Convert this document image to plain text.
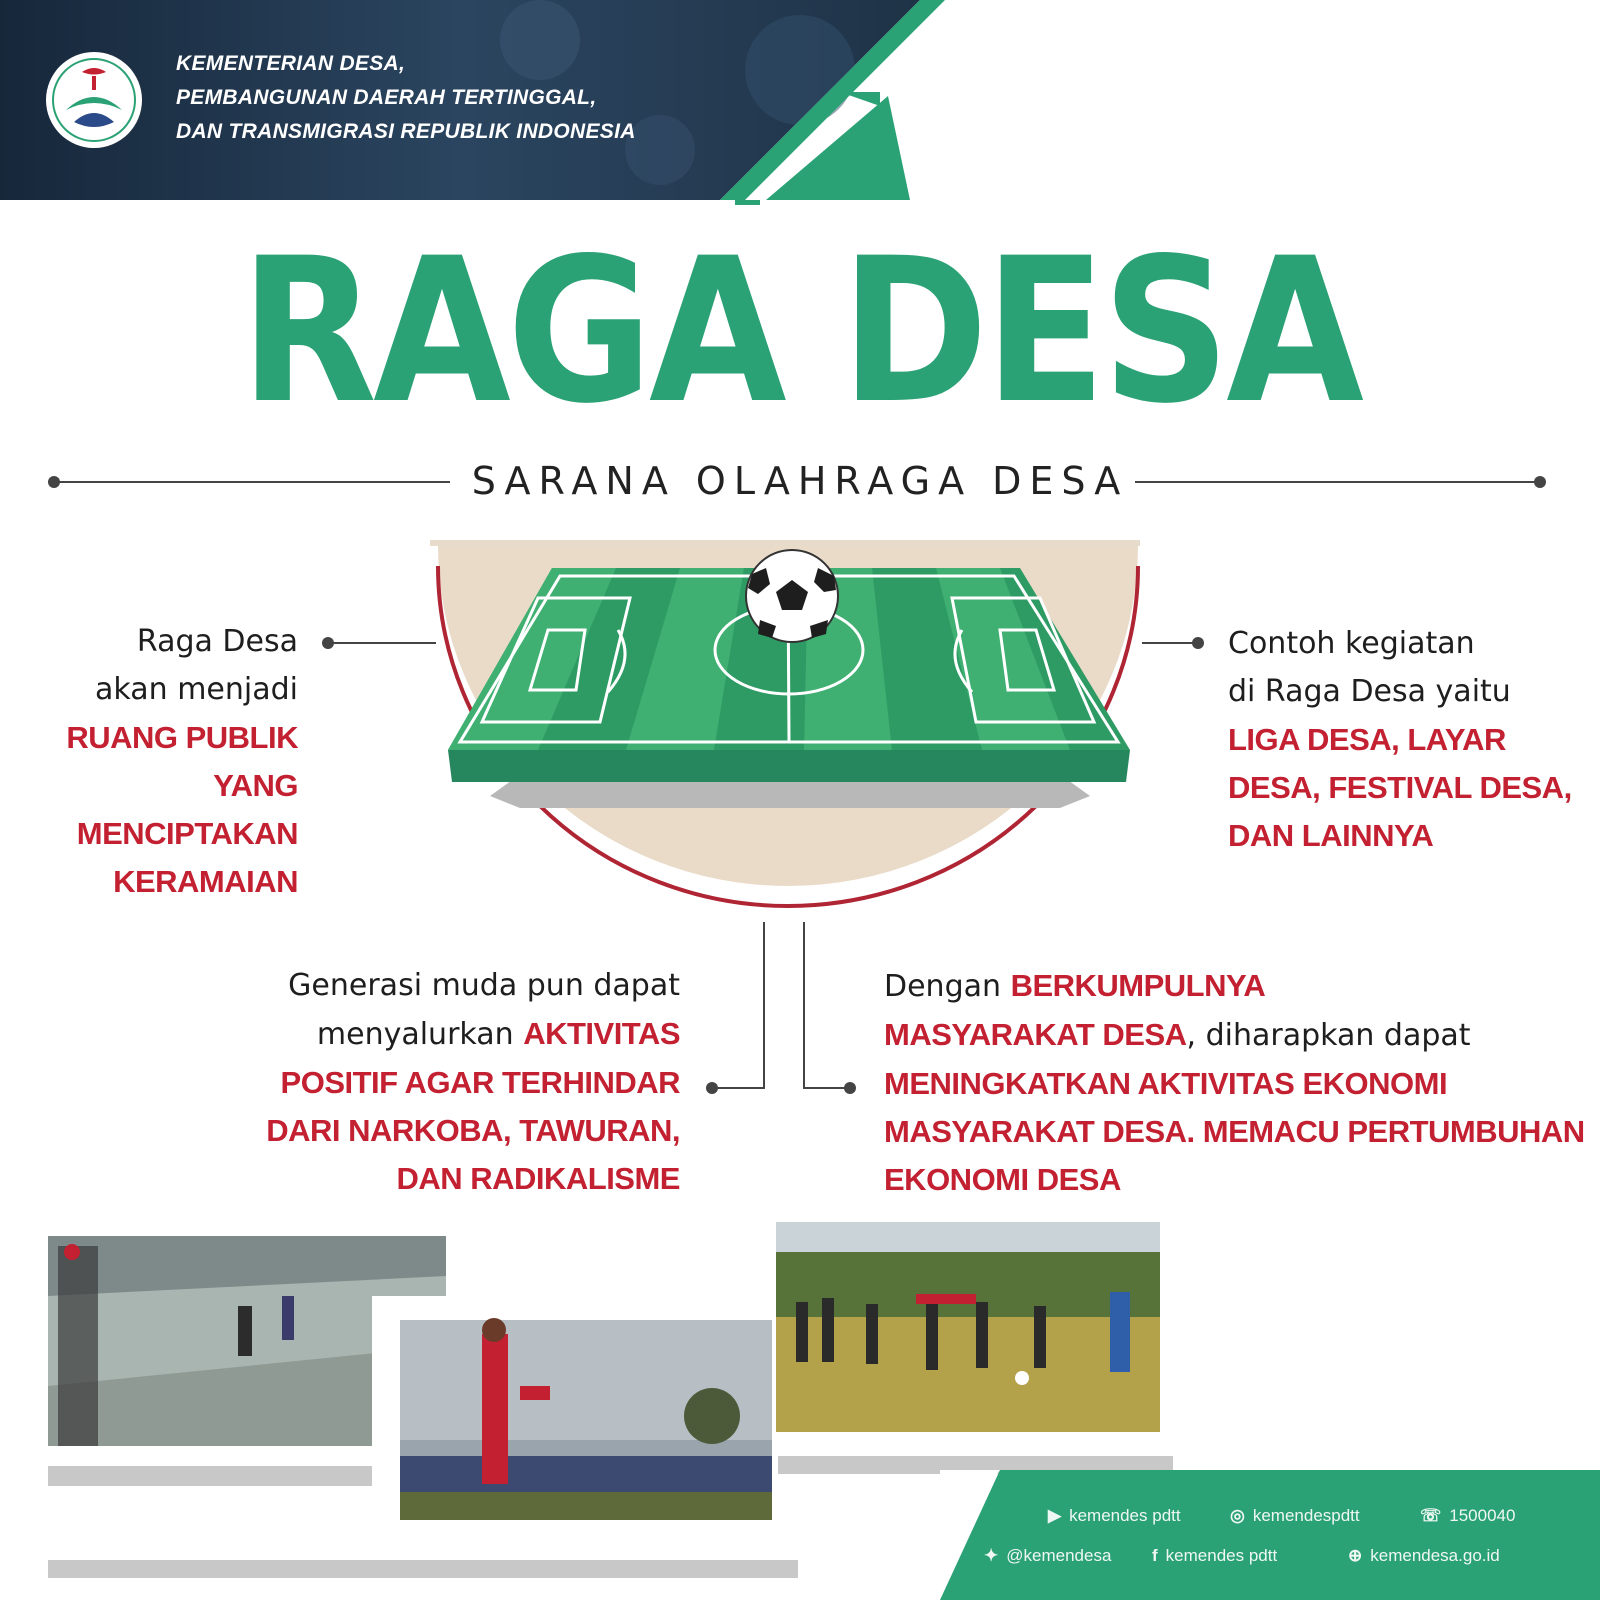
KEMENTERIAN DESA,
PEMBANGUNAN DAERAH TERTINGGAL,
DAN TRANSMIGRASI REPUBLIK INDONESIA
RAGA DESA
SARANA OLAHRAGA DESA
Raga Desa
akan menjadi
RUANG PUBLIK
YANG MENCIPTAKAN
KERAMAIAN
Contoh kegiatan
di Raga Desa yaitu
LIGA DESA, LAYAR
DESA, FESTIVAL DESA,
DAN LAINNYA
Generasi muda pun dapat
menyalurkan AKTIVITAS
POSITIF AGAR TERHINDAR
DARI NARKOBA, TAWURAN,
DAN RADIKALISME
Dengan BERKUMPULNYA
MASYARAKAT DESA, diharapkan dapat
MENINGKATKAN AKTIVITAS EKONOMI
MASYARAKAT DESA. MEMACU PERTUMBUHAN
EKONOMI DESA
▶ kemendes pdtt	◎ kemendespdtt	☏ 1500040
✦ @kemendesa f kemendes pdtt	⊕ kemendesa.go.id
